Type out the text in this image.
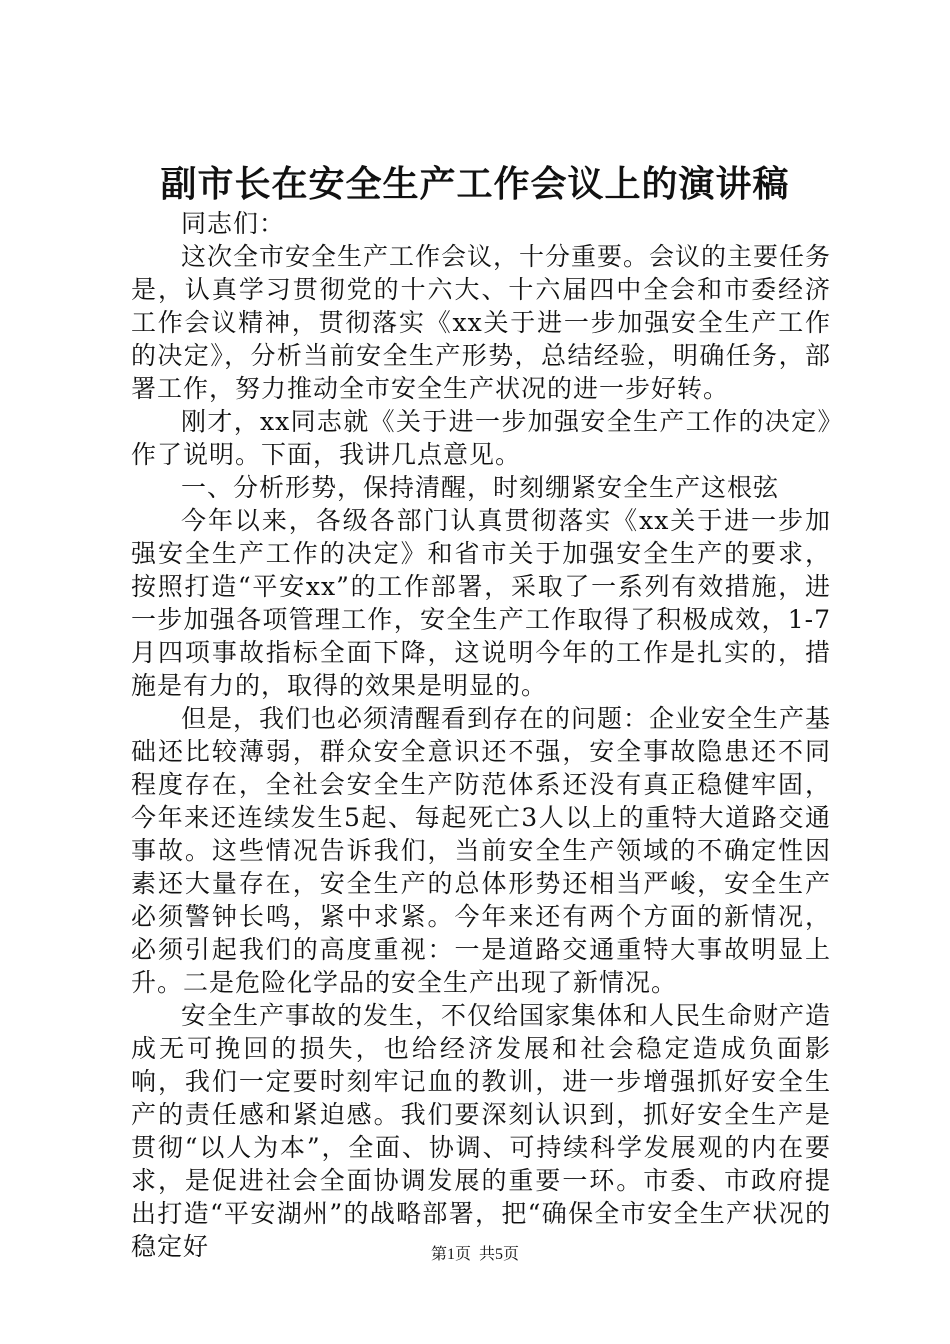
副市长在安全生产工作会议上的演讲稿

同志们：

这次全市安全生产工作会议，十分重要。会议的主要任务是，认真学习贯彻党的十六大、十六届四中全会和市委经济工作会议精神，贯彻落实《xx关于进一步加强安全生产工作的决定》，分析当前安全生产形势，总结经验，明确任务，部署工作，努力推动全市安全生产状况的进一步好转。

刚才，xx同志就《关于进一步加强安全生产工作的决定》作了说明。下面，我讲几点意见。

一、分析形势，保持清醒，时刻绷紧安全生产这根弦

今年以来，各级各部门认真贯彻落实《xx关于进一步加强安全生产工作的决定》和省市关于加强安全生产的要求，按照打造“平安xx”的工作部署，采取了一系列有效措施，进一步加强各项管理工作，安全生产工作取得了积极成效，1-7月四项事故指标全面下降，这说明今年的工作是扎实的，措施是有力的，取得的效果是明显的。

但是，我们也必须清醒看到存在的问题：企业安全生产基础还比较薄弱，群众安全意识还不强，安全事故隐患还不同程度存在，全社会安全生产防范体系还没有真正稳健牢固，今年来还连续发生5起、每起死亡3人以上的重特大道路交通事故。这些情况告诉我们，当前安全生产领域的不确定性因素还大量存在，安全生产的总体形势还相当严峻，安全生产必须警钟长鸣，紧中求紧。今年来还有两个方面的新情况，必须引起我们的高度重视：一是道路交通重特大事故明显上升。二是危险化学品的安全生产出现了新情况。

安全生产事故的发生，不仅给国家集体和人民生命财产造成无可挽回的损失，也给经济发展和社会稳定造成负面影响，我们一定要时刻牢记血的教训，进一步增强抓好安全生产的责任感和紧迫感。我们要深刻认识到，抓好安全生产是贯彻“以人为本”，全面、协调、可持续科学发展观的内在要求，是促进社会全面协调发展的重要一环。市委、市政府提出打造“平安湖州”的战略部署，把“确保全市安全生产状况的稳定好	第1页 共5页
